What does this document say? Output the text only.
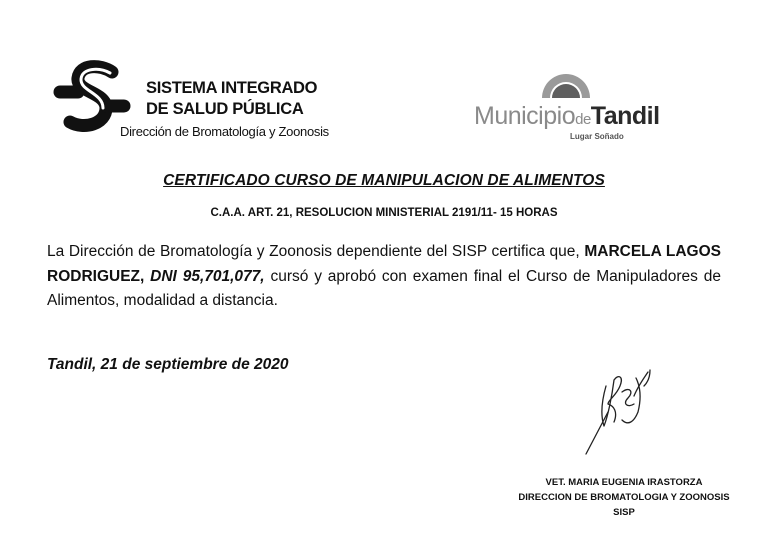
SISTEMA INTEGRADO
DE SALUD PÚBLICA
Dirección de Bromatología y Zoonosis
MunicipiodeTandil
Lugar Soñado
CERTIFICADO CURSO DE MANIPULACION DE ALIMENTOS
C.A.A. ART. 21, RESOLUCION MINISTERIAL 2191/11- 15 HORAS
La Dirección de Bromatología y Zoonosis dependiente del SISP certifica que, MARCELA LAGOS RODRIGUEZ, DNI 95,701,077, cursó y aprobó con examen final el Curso de Manipuladores de Alimentos, modalidad a distancia.
Tandil, 21 de septiembre de 2020
VET. MARIA EUGENIA IRASTORZA
DIRECCION DE BROMATOLOGIA Y ZOONOSIS
SISP
